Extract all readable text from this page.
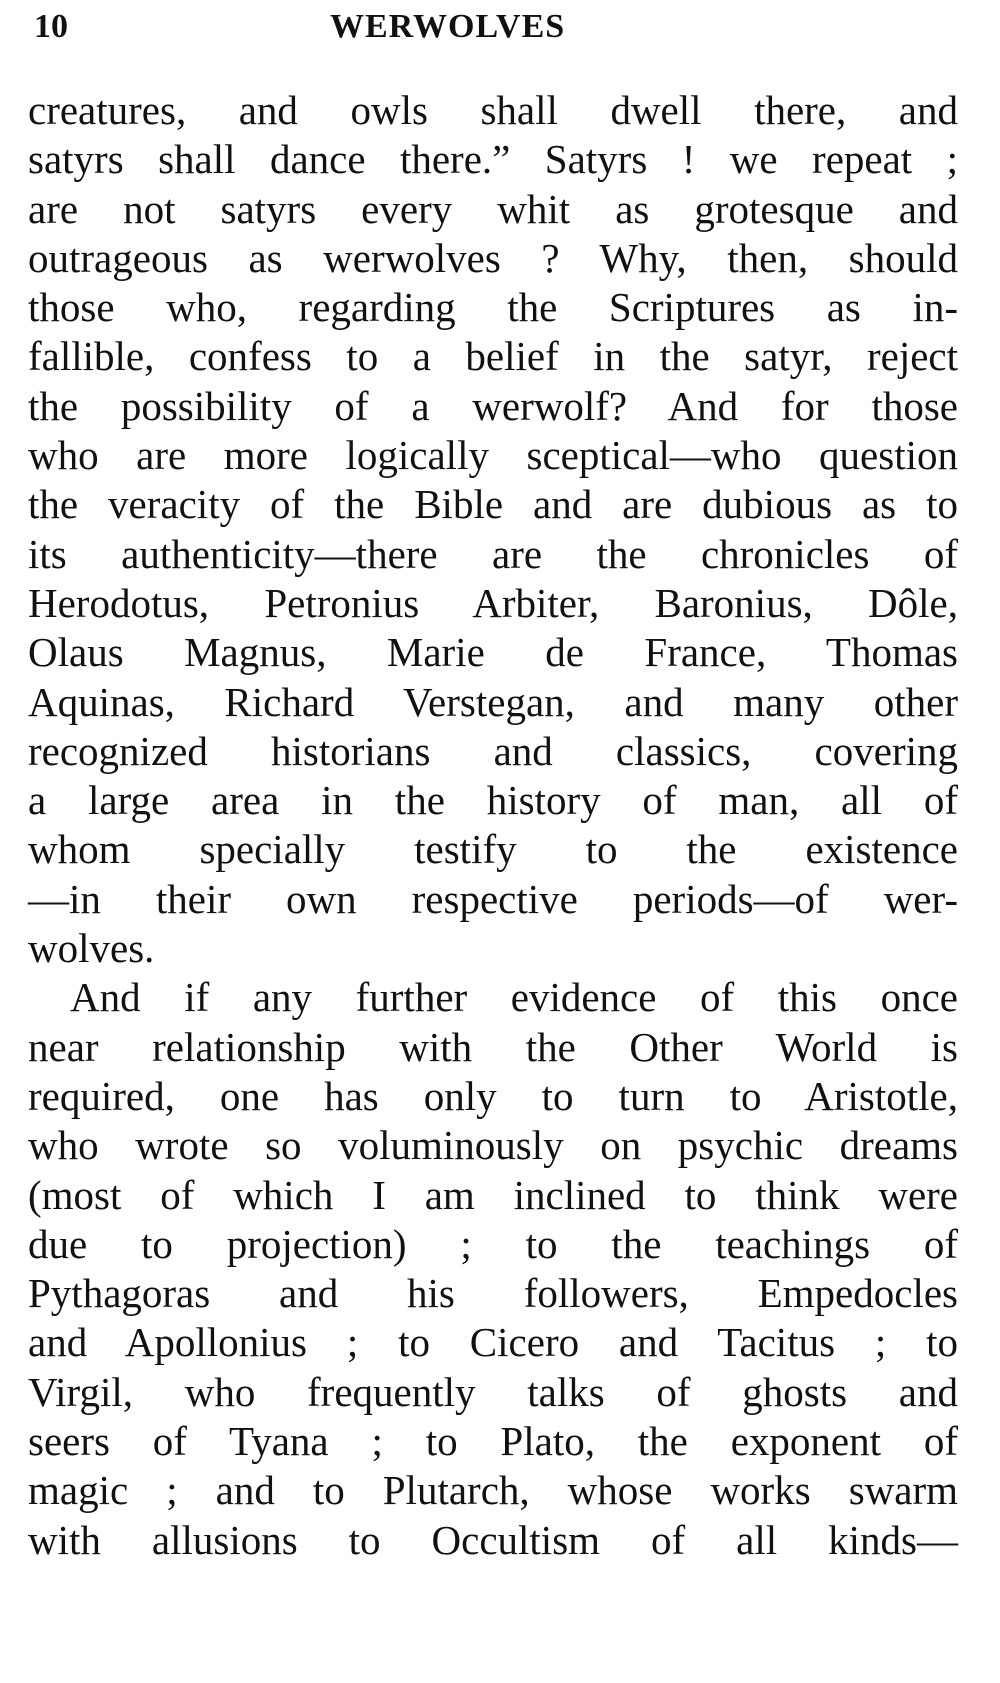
10	WERWOLVES

creatures, and owls shall dwell there, and
satyrs shall dance there.” Satyrs ! we repeat ;
are not satyrs every whit as grotesque and
outrageous as werwolves ? Why, then, should
those who, regarding the Scriptures as in-
fallible, confess to a belief in the satyr, reject
the possibility of a werwolf? And for those
who are more logically sceptical—who question
the veracity of the Bible and are dubious as to
its authenticity—there are the chronicles of
Herodotus, Petronius Arbiter, Baronius, Dôle,
Olaus Magnus, Marie de France, Thomas
Aquinas, Richard Verstegan, and many other
recognized historians and classics, covering
a large area in the history of man, all of
whom specially testify to the existence
—in their own respective periods—of wer-
wolves.

And if any further evidence of this once
near relationship with the Other World is
required, one has only to turn to Aristotle,
who wrote so voluminously on psychic dreams
(most of which I am inclined to think were
due to projection) ; to the teachings of
Pythagoras and his followers, Empedocles
and Apollonius ; to Cicero and Tacitus ; to
Virgil, who frequently talks of ghosts and
seers of Tyana ; to Plato, the exponent of
magic ; and to Plutarch, whose works swarm
with allusions to Occultism of all kinds—
